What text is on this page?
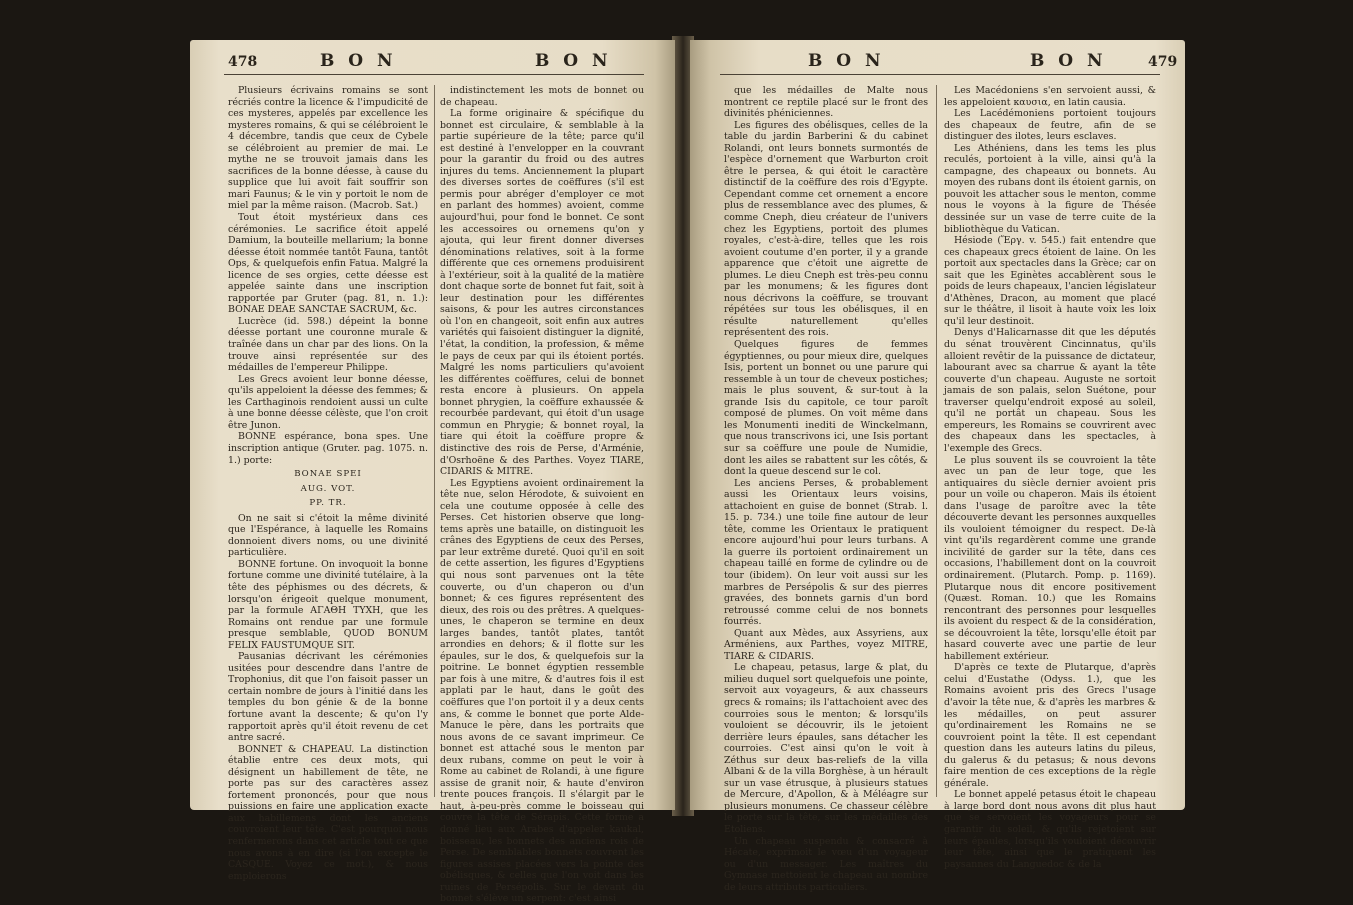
478	B O N	B O N

Plusieurs écrivains romains se sont récriés contre la licence & l'impudicité de ces mysteres, appelés par excellence les mysteres romains, & qui se célébroient le 4 décembre, tandis que ceux de Cybele se célébroient au premier de mai. Le mythe ne se trouvoit jamais dans les sacrifices de la bonne déesse, à cause du supplice que lui avoit fait souffrir son mari Faunus; & le vin y portoit le nom de miel par la même raison. (Macrob. Sat.)

Tout étoit mystérieux dans ces cérémonies. Le sacrifice étoit appelé Damium, la bouteille mellarium; la bonne déesse étoit nommée tantôt Fauna, tantôt Ops, & quelquefois enfin Fatua. Malgré la licence de ses orgies, cette déesse est appelée sainte dans une inscription rapportée par Gruter (pag. 81, n. 1.): BONAE DEAE SANCTAE SACRUM, &c.

Lucrèce (id. 598.) dépeint la bonne déesse portant une couronne murale & traînée dans un char par des lions. On la trouve ainsi représentée sur des médailles de l'empereur Philippe.

Les Grecs avoient leur bonne déesse, qu'ils appeloient la déesse des femmes; & les Carthaginois rendoient aussi un culte à une bonne déesse célèste, que l'on croit être Junon.

BONNE espérance, bona spes. Une inscription antique (Gruter. pag. 1075. n. 1.) porte:

BONAE SPEI

AUG. VOT.

PP. TR.

On ne sait si c'étoit la même divinité que l'Espérance, à laquelle les Romains donnoient divers noms, ou une divinité particulière.

BONNE fortune. On invoquoit la bonne fortune comme une divinité tutélaire, à la tête des péphismes ou des décrets, & lorsqu'on érigeoit quelque monument, par la formule ΑΓΑΘΗ ΤΥΧΗ, que les Romains ont rendue par une formule presque semblable, QUOD BONUM FELIX FAUSTUMQUE SIT.

Pausanias décrivant les cérémonies usitées pour descendre dans l'antre de Trophonius, dit que l'on faisoit passer un certain nombre de jours à l'initié dans les temples du bon génie & de la bonne fortune avant la descente; & qu'on l'y rapportoit après qu'il étoit revenu de cet antre sacré.

BONNET & CHAPEAU. La distinction établie entre ces deux mots, qui désignent un habillement de tête, ne porte pas sur des caractères assez fortement prononcés, pour que nous puissions en faire une application exacte aux habillemens dont les anciens couvroient leur tête. C'est pourquoi nous renfermerons dans cet article tout ce que nous avons à en dire (si l'on excepte le CASQUE. Voyez ce mot.), & nous emploierons

indistinctement les mots de bonnet ou de chapeau.

La forme originaire & spécifique du bonnet est circulaire, & semblable à la partie supérieure de la tête; parce qu'il est destiné à l'envelopper en la couvrant pour la garantir du froid ou des autres injures du tems. Anciennement la plupart des diverses sortes de coëffures (s'il est permis pour abréger d'employer ce mot en parlant des hommes) avoient, comme aujourd'hui, pour fond le bonnet. Ce sont les accessoires ou ornemens qu'on y ajouta, qui leur firent donner diverses dénominations relatives, soit à la forme différente que ces ornemens produisirent à l'extérieur, soit à la qualité de la matière dont chaque sorte de bonnet fut fait, soit à leur destination pour les différentes saisons, & pour les autres circonstances où l'on en changeoit, soit enfin aux autres variétés qui faisoient distinguer la dignité, l'état, la condition, la profession, & même le pays de ceux par qui ils étoient portés. Malgré les noms particuliers qu'avoient les différentes coëffures, celui de bonnet resta encore à plusieurs. On appela bonnet phrygien, la coëffure exhaussée & recourbée pardevant, qui étoit d'un usage commun en Phrygie; & bonnet royal, la tiare qui étoit la coëffure propre & distinctive des rois de Perse, d'Arménie, d'Osrhoëne & des Parthes. Voyez TIARE, CIDARIS & MITRE.

Les Egyptiens avoient ordinairement la tête nue, selon Hérodote, & suivoient en cela une coutume opposée à celle des Perses. Cet historien observe que long-tems après une bataille, on distinguoit les crânes des Egyptiens de ceux des Perses, par leur extrême dureté. Quoi qu'il en soit de cette assertion, les figures d'Egyptiens qui nous sont parvenues ont la tête couverte, ou d'un chaperon ou d'un bonnet; & ces figures représentent des dieux, des rois ou des prêtres. A quelques-unes, le chaperon se termine en deux larges bandes, tantôt plates, tantôt arrondies en dehors; & il flotte sur les épaules, sur le dos, & quelquefois sur la poitrine. Le bonnet égyptien ressemble par fois à une mitre, & d'autres fois il est applati par le haut, dans le goût des coëffures que l'on portoit il y a deux cents ans, & comme le bonnet que porte Alde-Manuce le père, dans les portraits que nous avons de ce savant imprimeur. Ce bonnet est attaché sous le menton par deux rubans, comme on peut le voir à Rome au cabinet de Rolandi, à une figure assise de granit noir, & haute d'environ trente pouces françois. Il s'élargit par le haut, à-peu-près comme le boisseau qui couvre la tête de Sérapis. Cette forme a donné lieu aux Arabes d'appeler kaukal, boisseau, les bonnets des anciens rois de Perse. De semblables bonnets couvrent les figures assises placées vers la pointe des obélisques, & celles que l'on voit dans les ruines de Persépolis. Sur le devant du bonnet s'élève un serpent: c'est ainsi

B O N	B O N	479

que les médailles de Malte nous montrent ce reptile placé sur le front des divinités phéniciennes.

Les figures des obélisques, celles de la table du jardin Barberini & du cabinet Rolandi, ont leurs bonnets surmontés de l'espèce d'ornement que Warburton croit être le persea, & qui étoit le caractère distinctif de la coëffure des rois d'Egypte. Cependant comme cet ornement a encore plus de ressemblance avec des plumes, & comme Cneph, dieu créateur de l'univers chez les Egyptiens, portoit des plumes royales, c'est-à-dire, telles que les rois avoient coutume d'en porter, il y a grande apparence que c'étoit une aigrette de plumes. Le dieu Cneph est très-peu connu par les monumens; & les figures dont nous décrivons la coëffure, se trouvant répétées sur tous les obélisques, il en résulte naturellement qu'elles représentent des rois.

Quelques figures de femmes égyptiennes, ou pour mieux dire, quelques Isis, portent un bonnet ou une parure qui ressemble à un tour de cheveux postiches; mais le plus souvent, & sur-tout à la grande Isis du capitole, ce tour paroît composé de plumes. On voit même dans les Monumenti inediti de Winckelmann, que nous transcrivons ici, une Isis portant sur sa coëffure une poule de Numidie, dont les ailes se rabattent sur les côtés, & dont la queue descend sur le col.

Les anciens Perses, & probablement aussi les Orientaux leurs voisins, attachoient en guise de bonnet (Strab. l. 15. p. 734.) une toile fine autour de leur tête, comme les Orientaux le pratiquent encore aujourd'hui pour leurs turbans. A la guerre ils portoient ordinairement un chapeau taillé en forme de cylindre ou de tour (ibidem). On leur voit aussi sur les marbres de Persépolis & sur des pierres gravées, des bonnets garnis d'un bord retroussé comme celui de nos bonnets fourrés.

Quant aux Mèdes, aux Assyriens, aux Arméniens, aux Parthes, voyez MITRE, TIARE & CIDARIS.

Le chapeau, petasus, large & plat, du milieu duquel sort quelquefois une pointe, servoit aux voyageurs, & aux chasseurs grecs & romains; ils l'attachoient avec des courroies sous le menton; & lorsqu'ils vouloient se découvrir, ils le jetoient derrière leurs épaules, sans détacher les courroies. C'est ainsi qu'on le voit à Zéthus sur deux bas-reliefs de la villa Albani & de la villa Borghèse, à un hérault sur un vase étrusque, à plusieurs statues de Mercure, d'Apollon, & à Méléagre sur plusieurs monumens. Ce chasseur célèbre le porte sur la tête, sur les médailles des Etoliens.

Un chapeau suspendu & consacré à Hécate, exprimoit le vœu d'un voyageur ou d'un messager. Les maîtres du Gymnase mettoient le chapeau au nombre de leurs attributs particuliers.

Les Macédoniens s'en servoient aussi, & les appeloient καυσια, en latin causia.

Les Lacédémoniens portoient toujours des chapeaux de feutre, afin de se distinguer des ilotes, leurs esclaves.

Les Athéniens, dans les tems les plus reculés, portoient à la ville, ainsi qu'à la campagne, des chapeaux ou bonnets. Au moyen des rubans dont ils étoient garnis, on pouvoit les attacher sous le menton, comme nous le voyons à la figure de Thésée dessinée sur un vase de terre cuite de la bibliothèque du Vatican.

Hésiode (Ἔργ. v. 545.) fait entendre que ces chapeaux grecs étoient de laine. On les portoit aux spectacles dans la Grèce; car on sait que les Eginètes accablèrent sous le poids de leurs chapeaux, l'ancien législateur d'Athènes, Dracon, au moment que placé sur le théâtre, il lisoit à haute voix les loix qu'il leur destinoit.

Denys d'Halicarnasse dit que les députés du sénat trouvèrent Cincinnatus, qu'ils alloient revêtir de la puissance de dictateur, labourant avec sa charrue & ayant la tête couverte d'un chapeau. Auguste ne sortoit jamais de son palais, selon Suétone, pour traverser quelqu'endroit exposé au soleil, qu'il ne portât un chapeau. Sous les empereurs, les Romains se couvrirent avec des chapeaux dans les spectacles, à l'exemple des Grecs.

Le plus souvent ils se couvroient la tête avec un pan de leur toge, que les antiquaires du siècle dernier avoient pris pour un voile ou chaperon. Mais ils étoient dans l'usage de paroître avec la tête découverte devant les personnes auxquelles ils vouloient témoigner du respect. De-là vint qu'ils regardèrent comme une grande incivilité de garder sur la tête, dans ces occasions, l'habillement dont on la couvroit ordinairement. (Plutarch. Pomp. p. 1169). Plutarque nous dit encore positivement (Quæst. Roman. 10.) que les Romains rencontrant des personnes pour lesquelles ils avoient du respect & de la considération, se découvroient la tête, lorsqu'elle étoit par hasard couverte avec une partie de leur habillement extérieur.

D'après ce texte de Plutarque, d'après celui d'Eustathe (Odyss. 1.), que les Romains avoient pris des Grecs l'usage d'avoir la tête nue, & d'après les marbres & les médailles, on peut assurer qu'ordinairement les Romains ne se couvroient point la tête. Il est cependant question dans les auteurs latins du pileus, du galerus & du petasus; & nous devons faire mention de ces exceptions de la règle générale.

Le bonnet appelé petasus étoit le chapeau à large bord dont nous avons dit plus haut que se servoient les voyageurs pour se garantir du soleil, & qu'ils rejetoient sur leurs épaules, lorsqu'ils vouloient découvrir leur tête, ainsi que le pratiquent les paysannes du Languedoc & de la
